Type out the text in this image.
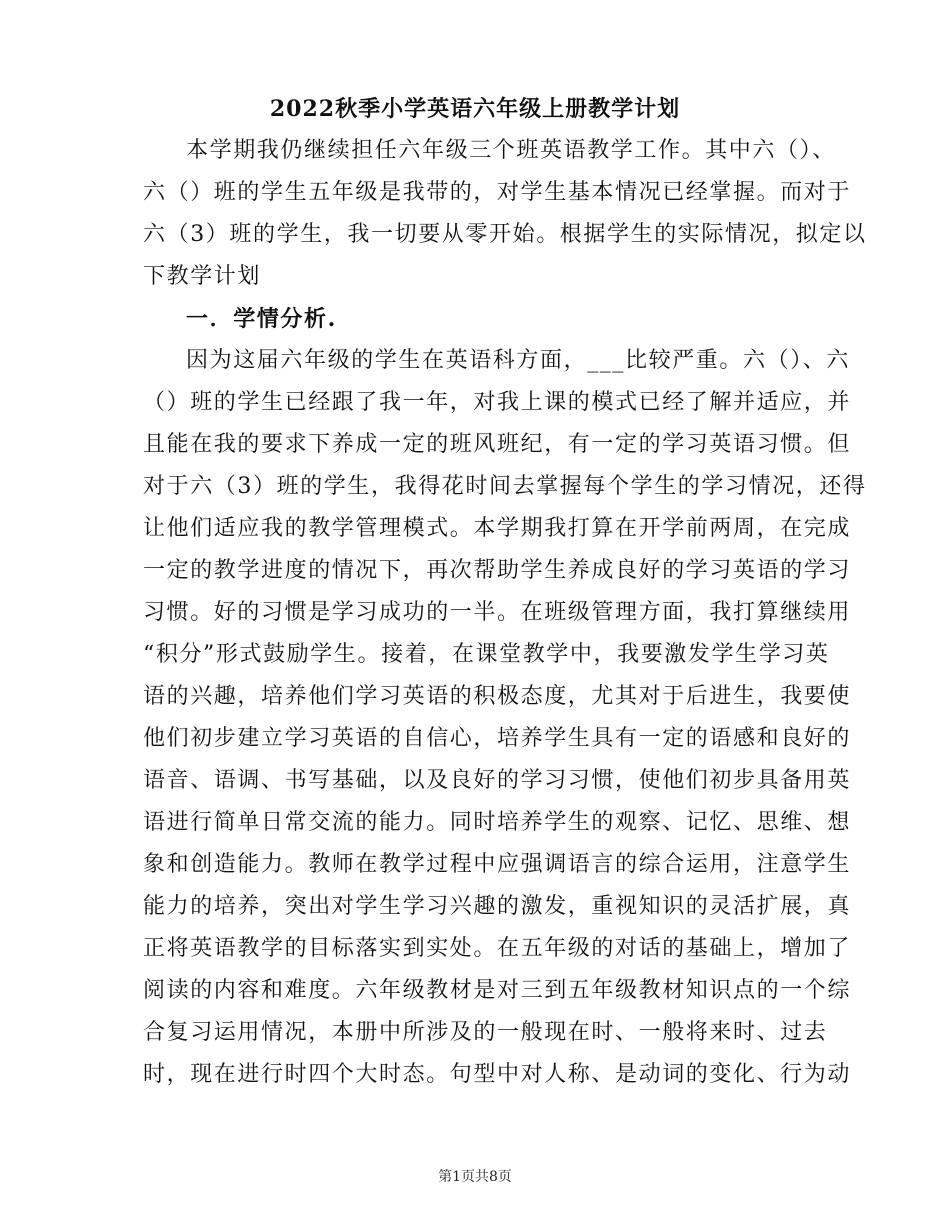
2022秋季小学英语六年级上册教学计划
本学期我仍继续担任六年级三个班英语教学工作。其中六（）、
六（）班的学生五年级是我带的，对学生基本情况已经掌握。而对于
六（3）班的学生，我一切要从零开始。根据学生的实际情况，拟定以
下教学计划
一．学情分析.
因为这届六年级的学生在英语科方面，___比较严重。六（）、六
（）班的学生已经跟了我一年，对我上课的模式已经了解并适应，并
且能在我的要求下养成一定的班风班纪，有一定的学习英语习惯。但
对于六（3）班的学生，我得花时间去掌握每个学生的学习情况，还得
让他们适应我的教学管理模式。本学期我打算在开学前两周，在完成
一定的教学进度的情况下，再次帮助学生养成良好的学习英语的学习
习惯。好的习惯是学习成功的一半。在班级管理方面，我打算继续用
“积分”形式鼓励学生。接着，在课堂教学中，我要激发学生学习英
语的兴趣，培养他们学习英语的积极态度，尤其对于后进生，我要使
他们初步建立学习英语的自信心，培养学生具有一定的语感和良好的
语音、语调、书写基础，以及良好的学习习惯，使他们初步具备用英
语进行简单日常交流的能力。同时培养学生的观察、记忆、思维、想
象和创造能力。教师在教学过程中应强调语言的综合运用，注意学生
能力的培养，突出对学生学习兴趣的激发，重视知识的灵活扩展，真
正将英语教学的目标落实到实处。在五年级的对话的基础上，增加了
阅读的内容和难度。六年级教材是对三到五年级教材知识点的一个综
合复习运用情况，本册中所涉及的一般现在时、一般将来时、过去
时，现在进行时四个大时态。句型中对人称、是动词的变化、行为动
第1页共8页
